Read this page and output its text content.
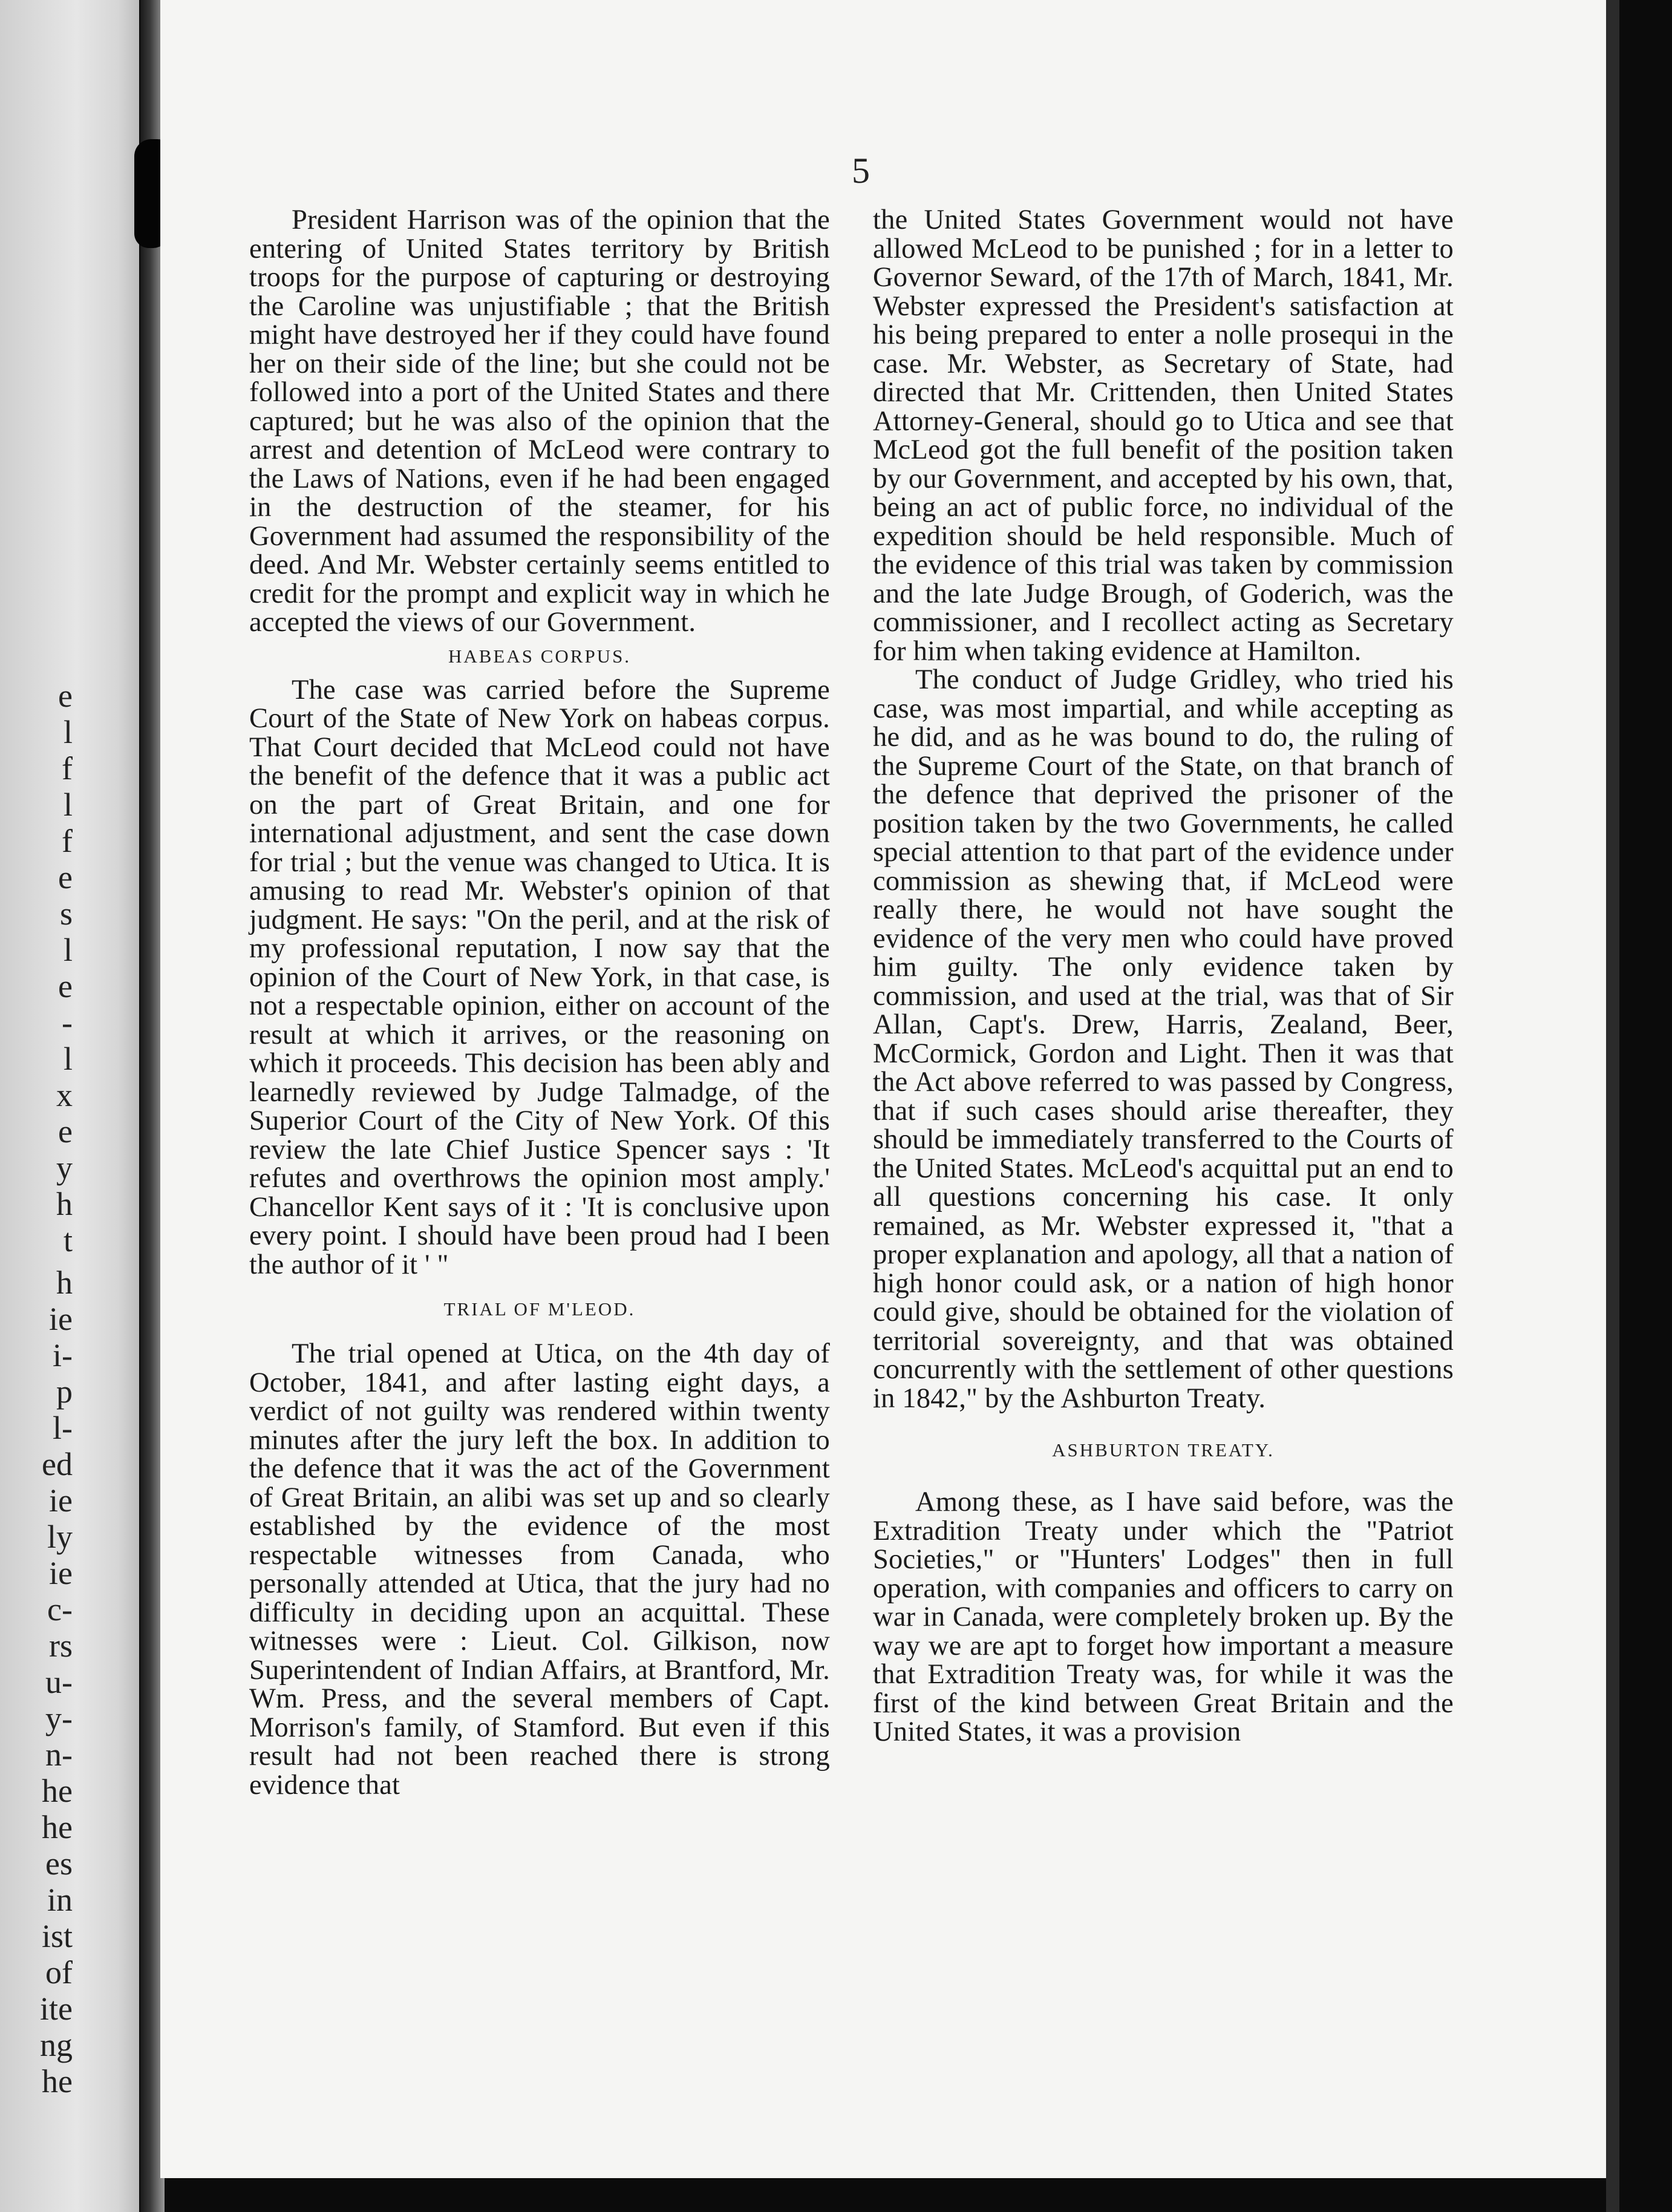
e
l
f
l
f
e
s
l
e
-
l
x
e
y
h
t
h
ie
i-
p
l-
ed
ie
ly
ie
c-
rs
u-
y-
n-
he
he
es
in
ist
of
ite
ng
he
5

President Harrison was of the opinion that the entering of United States territory by British troops for the purpose of capturing or destroying the Caroline was unjustifiable ; that the British might have destroyed her if they could have found her on their side of the line; but she could not be followed into a port of the United States and there captured; but he was also of the opinion that the arrest and detention of McLeod were contrary to the Laws of Nations, even if he had been engaged in the destruction of the steamer, for his Government had assumed the responsibility of the deed. And Mr. Webster certainly seems entitled to credit for the prompt and explicit way in which he accepted the views of our Government.

HABEAS CORPUS.

The case was carried before the Supreme Court of the State of New York on habeas corpus. That Court decided that McLeod could not have the benefit of the defence that it was a public act on the part of Great Britain, and one for international adjustment, and sent the case down for trial ; but the venue was changed to Utica. It is amusing to read Mr. Webster's opinion of that judgment. He says: "On the peril, and at the risk of my professional reputation, I now say that the opinion of the Court of New York, in that case, is not a respectable opinion, either on account of the result at which it arrives, or the reasoning on which it proceeds. This decision has been ably and learnedly reviewed by Judge Talmadge, of the Superior Court of the City of New York. Of this review the late Chief Justice Spencer says : 'It refutes and overthrows the opinion most amply.' Chancellor Kent says of it : 'It is conclusive upon every point. I should have been proud had I been the author of it ' "

TRIAL OF M'LEOD.

The trial opened at Utica, on the 4th day of October, 1841, and after lasting eight days, a verdict of not guilty was rendered within twenty minutes after the jury left the box. In addition to the defence that it was the act of the Government of Great Britain, an alibi was set up and so clearly established by the evidence of the most respectable witnesses from Canada, who personally attended at Utica, that the jury had no difficulty in deciding upon an acquittal. These witnesses were : Lieut. Col. Gilkison, now Superintendent of Indian Affairs, at Brantford, Mr. Wm. Press, and the several members of Capt. Morrison's family, of Stamford. But even if this result had not been reached there is strong evidence that

the United States Government would not have allowed McLeod to be punished ; for in a letter to Governor Seward, of the 17th of March, 1841, Mr. Webster expressed the President's satisfaction at his being prepared to enter a nolle prosequi in the case. Mr. Webster, as Secretary of State, had directed that Mr. Crittenden, then United States Attorney-General, should go to Utica and see that McLeod got the full benefit of the position taken by our Government, and accepted by his own, that, being an act of public force, no individual of the expedition should be held responsible. Much of the evidence of this trial was taken by commission and the late Judge Brough, of Goderich, was the commissioner, and I recollect acting as Secretary for him when taking evidence at Hamilton.

The conduct of Judge Gridley, who tried his case, was most impartial, and while accepting as he did, and as he was bound to do, the ruling of the Supreme Court of the State, on that branch of the defence that deprived the prisoner of the position taken by the two Governments, he called special attention to that part of the evidence under commission as shewing that, if McLeod were really there, he would not have sought the evidence of the very men who could have proved him guilty. The only evidence taken by commission, and used at the trial, was that of Sir Allan, Capt's. Drew, Harris, Zealand, Beer, McCormick, Gordon and Light. Then it was that the Act above referred to was passed by Congress, that if such cases should arise thereafter, they should be immediately transferred to the Courts of the United States. McLeod's acquittal put an end to all questions concerning his case. It only remained, as Mr. Webster expressed it, "that a proper explanation and apology, all that a nation of high honor could ask, or a nation of high honor could give, should be obtained for the violation of territorial sovereignty, and that was obtained concurrently with the settlement of other questions in 1842," by the Ashburton Treaty.

ASHBURTON TREATY.

Among these, as I have said before, was the Extradition Treaty under which the "Patriot Societies," or "Hunters' Lodges" then in full operation, with companies and officers to carry on war in Canada, were completely broken up. By the way we are apt to forget how important a measure that Extradition Treaty was, for while it was the first of the kind between Great Britain and the United States, it was a provision
